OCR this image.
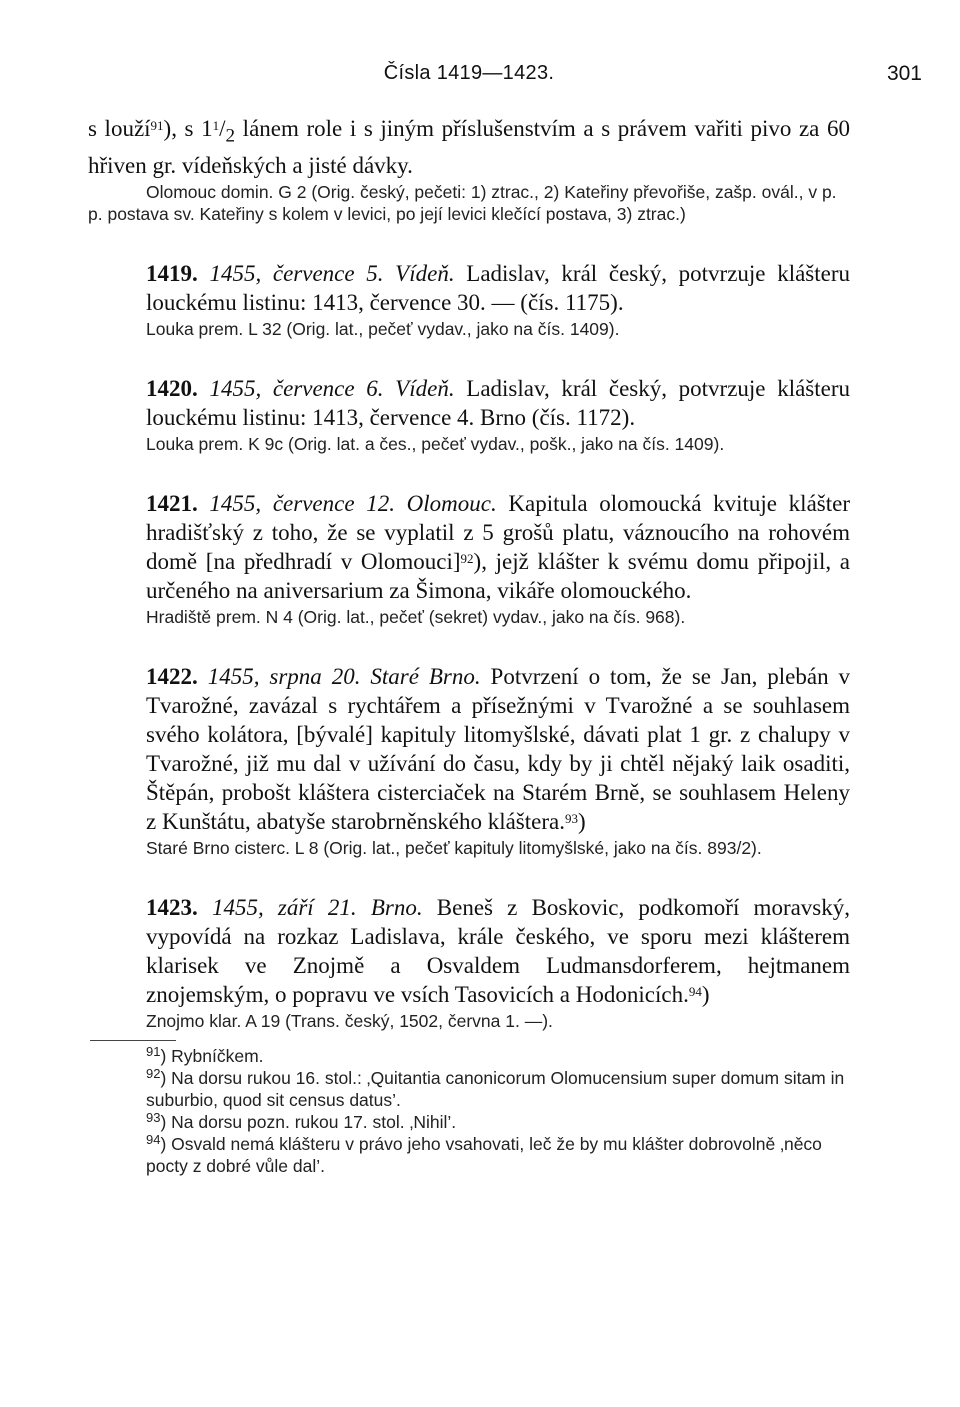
Čísla 1419—1423.	301

s louží$^{91}$), s $1^1/_2$ lánem role i s jiným příslušenstvím a s právem vařiti pivo za 60 hřiven gr. vídeňských a jisté dávky.

Olomouc domin. G 2 (Orig. český, pečeti: 1) ztrac., 2) Kateřiny převořiše, zašp. ovál., v p. p. postava sv. Kateřiny s kolem v levici, po její levici klečící postava, 3) ztrac.)

1419. 1455, července 5. Vídeň. Ladislav, král český, potvrzuje klášteru louckému listinu: 1413, července 30. — (čís. 1175).

Louka prem. L 32 (Orig. lat., pečeť vydav., jako na čís. 1409).

1420. 1455, července 6. Vídeň. Ladislav, král český, potvrzuje klášteru louckému listinu: 1413, července 4. Brno (čís. 1172).

Louka prem. K 9c (Orig. lat. a čes., pečeť vydav., pošk., jako na čís. 1409).

1421. 1455, července 12. Olomouc. Kapitula olomoucká kvituje klášter hradišťský z toho, že se vyplatil z 5 grošů platu, váznoucího na rohovém domě [na předhradí v Olomouci]$^{92}$), jejž klášter k svému domu připojil, a určeného na aniversarium za Šimona, vikáře olomouckého.

Hradiště prem. N 4 (Orig. lat., pečeť (sekret) vydav., jako na čís. 968).

1422. 1455, srpna 20. Staré Brno. Potvrzení o tom, že se Jan, plebán v Tvarožné, zavázal s rychtářem a přísežnými v Tvarožné a se souhlasem svého kolátora, [bývalé] kapituly litomyšlské, dávati plat 1 gr. z chalupy v Tvarožné, již mu dal v užívání do času, kdy by ji chtěl nějaký laik osaditi, Štěpán, probošt kláštera cisterciaček na Starém Brně, se souhlasem Heleny z Kunštátu, abatyše starobrněnského kláštera.$^{93}$)

Staré Brno cisterc. L 8 (Orig. lat., pečeť kapituly litomyšlské, jako na čís. 893/2).

1423. 1455, září 21. Brno. Beneš z Boskovic, podkomoří moravský, vypovídá na rozkaz Ladislava, krále českého, ve sporu mezi klášterem klarisek ve Znojmě a Osvaldem Ludmansdorferem, hejtmanem znojemským, o popravu ve vsích Tasovicích a Hodonicích.$^{94}$)

Znojmo klar. A 19 (Trans. český, 1502, června 1. —).
$^{91}$) Rybníčkem.
$^{92}$) Na dorsu rukou 16. stol.: ‚Quitantia canonicorum Olomucensium super domum sitam in suburbio, quod sit census datus’.
$^{93}$) Na dorsu pozn. rukou 17. stol. ‚Nihil’.
$^{94}$) Osvald nemá klášteru v právo jeho vsahovati, leč že by mu klášter dobrovolně ‚něco pocty z dobré vůle dal’.
